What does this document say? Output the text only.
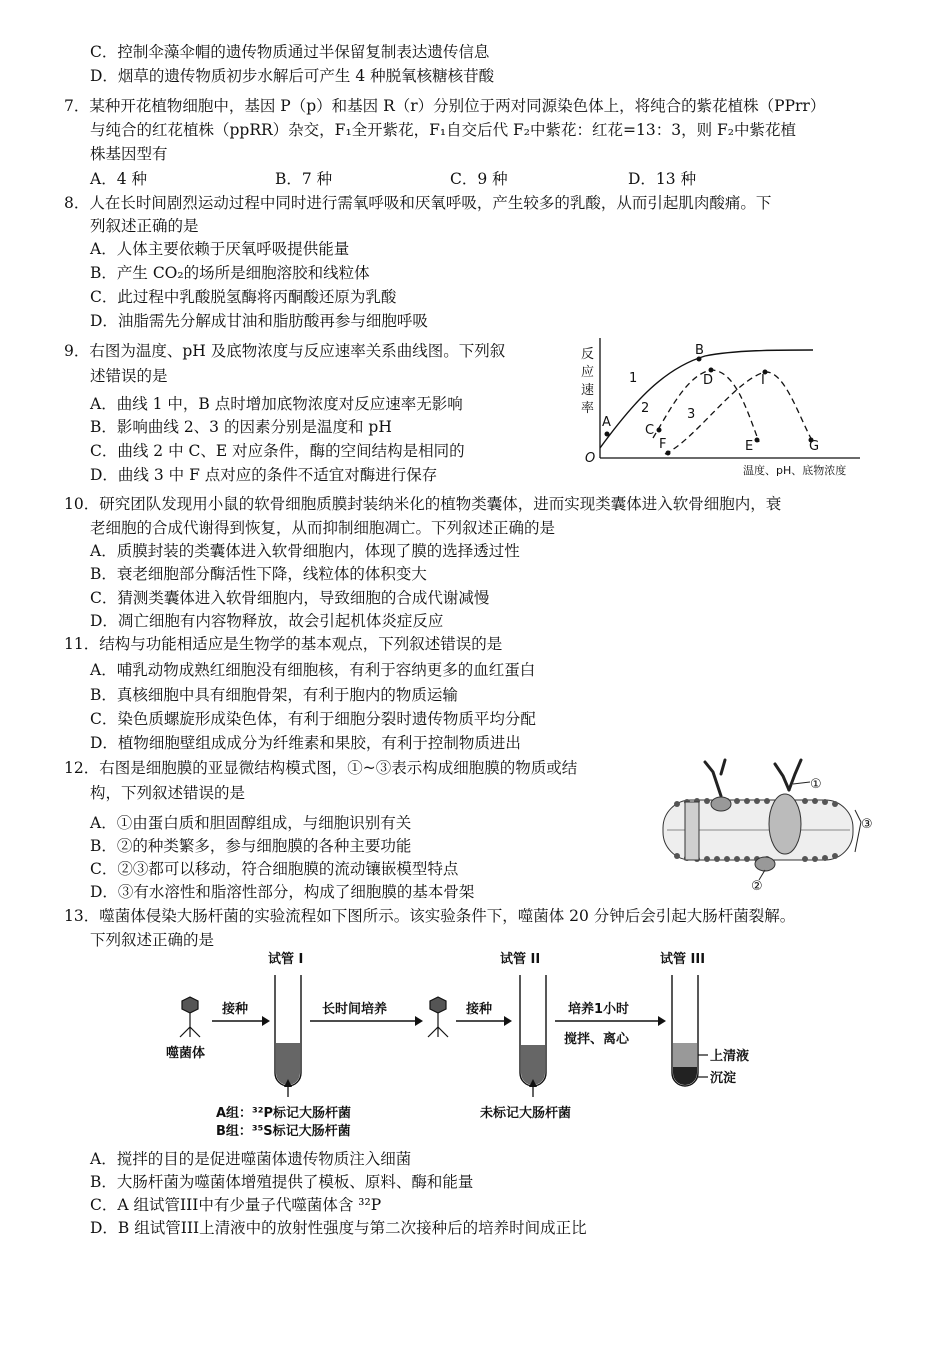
C．控制伞藻伞帽的遗传物质通过半保留复制表达遗传信息
D．烟草的遗传物质初步水解后可产生 4 种脱氧核糖核苷酸
7．某种开花植物细胞中，基因 P（p）和基因 R（r）分别位于两对同源染色体上，将纯合的紫花植株（PPrr）
与纯合的红花植株（ppRR）杂交，F₁全开紫花，F₁自交后代 F₂中紫花：红花=13：3，则 F₂中紫花植
株基因型有
A．4 种	B．7 种	C．9 种	D．13 种
8．人在长时间剧烈运动过程中同时进行需氧呼吸和厌氧呼吸，产生较多的乳酸，从而引起肌肉酸痛。下
列叙述正确的是
A．人体主要依赖于厌氧呼吸提供能量
B．产生 CO₂的场所是细胞溶胶和线粒体
C．此过程中乳酸脱氢酶将丙酮酸还原为乳酸
D．油脂需先分解成甘油和脂肪酸再参与细胞呼吸
9．右图为温度、pH 及底物浓度与反应速率关系曲线图。下列叙
述错误的是
A．曲线 1 中，B 点时增加底物浓度对反应速率无影响
B．影响曲线 2、3 的因素分别是温度和 pH
C．曲线 2 中 C、E 对应条件，酶的空间结构是相同的
D．曲线 3 中 F 点对应的条件不适宜对酶进行保存
反
应
速
率
O
温度、pH、底物浓度
1
2	3
A
B
C
D
E
F	G
I
10．研究团队发现用小鼠的软骨细胞质膜封装纳米化的植物类囊体，进而实现类囊体进入软骨细胞内，衰
老细胞的合成代谢得到恢复，从而抑制细胞凋亡。下列叙述正确的是
A．质膜封装的类囊体进入软骨细胞内，体现了膜的选择透过性
B．衰老细胞部分酶活性下降，线粒体的体积变大
C．猜测类囊体进入软骨细胞内，导致细胞的合成代谢减慢
D．凋亡细胞有内容物释放，故会引起机体炎症反应
11．结构与功能相适应是生物学的基本观点，下列叙述错误的是
A．哺乳动物成熟红细胞没有细胞核，有利于容纳更多的血红蛋白
B．真核细胞中具有细胞骨架，有利于胞内的物质运输
C．染色质螺旋形成染色体，有利于细胞分裂时遗传物质平均分配
D．植物细胞壁组成成分为纤维素和果胶，有利于控制物质进出
12．右图是细胞膜的亚显微结构模式图，①~③表示构成细胞膜的物质或结
构，下列叙述错误的是
A．①由蛋白质和胆固醇组成，与细胞识别有关
B．②的种类繁多，参与细胞膜的各种主要功能
C．②③都可以移动，符合细胞膜的流动镶嵌模型特点
D．③有水溶性和脂溶性部分，构成了细胞膜的基本骨架
①
②
③
13．噬菌体侵染大肠杆菌的实验流程如下图所示。该实验条件下，噬菌体 20 分钟后会引起大肠杆菌裂解。
下列叙述正确的是
试管 I	试管 II	试管 III
噬菌体
接种	长时间培养	接种	培养1小时
搅拌、离心
上清液
沉淀
A组：³²P标记大肠杆菌
B组：³⁵S标记大肠杆菌
未标记大肠杆菌
A．搅拌的目的是促进噬菌体遗传物质注入细菌
B．大肠杆菌为噬菌体增殖提供了模板、原料、酶和能量
C．A 组试管III中有少量子代噬菌体含 ³²P
D．B 组试管III上清液中的放射性强度与第二次接种后的培养时间成正比
